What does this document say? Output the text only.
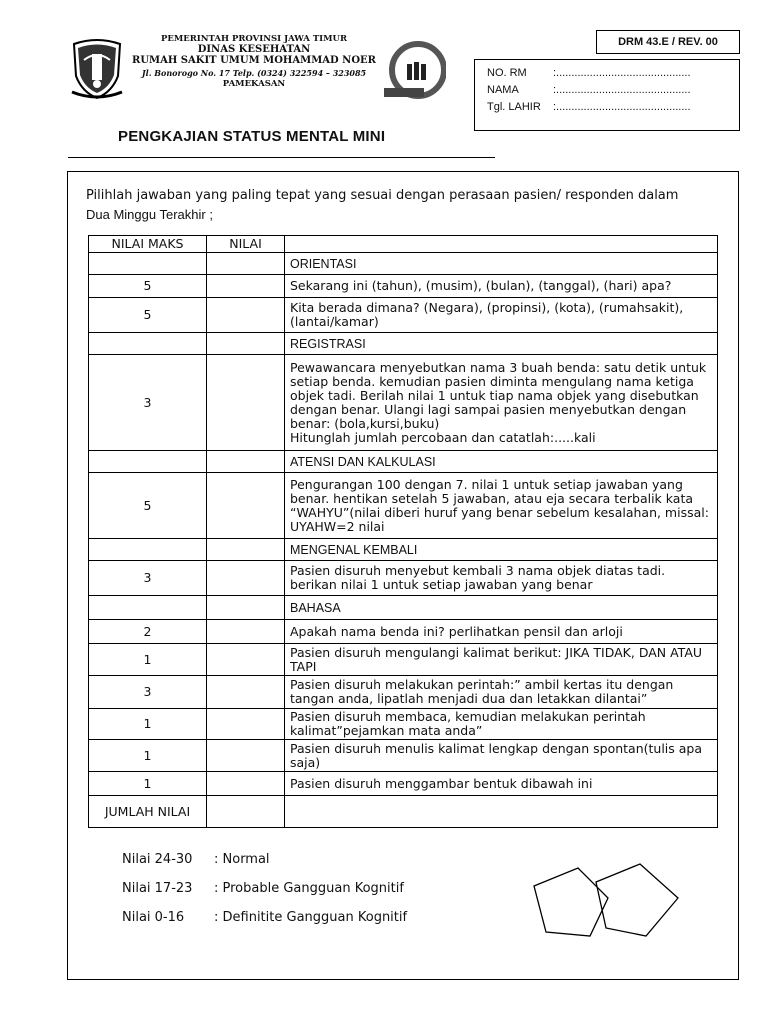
PEMERINTAH PROVINSI JAWA TIMUR
DINAS KESEHATAN
RUMAH SAKIT UMUM MOHAMMAD NOER
Jl. Bonorogo No. 17 Telp. (0324) 322594 – 323085
PAMEKASAN
DRM 43.E / REV. 00
NO. RM	:............................................
NAMA	:............................................
Tgl. LAHIR	:............................................
PENGKAJIAN STATUS MENTAL MINI
Pilihlah jawaban yang paling tepat yang sesuai dengan perasaan pasien/ responden dalam
Dua Minggu Terakhir ;
NILAI MAKS	NILAI	
		ORIENTASI
5		Sekarang ini (tahun), (musim), (bulan), (tanggal), (hari) apa?
5		Kita berada dimana? (Negara), (propinsi), (kota), (rumahsakit), (lantai/kamar)
		REGISTRASI
3		Pewawancara menyebutkan nama 3 buah benda: satu detik untuk setiap benda. kemudian pasien diminta mengulang nama ketiga objek tadi. Berilah nilai 1 untuk tiap nama objek yang disebutkan dengan benar. Ulangi lagi sampai pasien menyebutkan dengan benar: (bola,kursi,buku)
Hitunglah jumlah percobaan dan catatlah:.....kali

		ATENSI DAN KALKULASI
5		Pengurangan 100 dengan 7. nilai 1 untuk setiap jawaban yang benar. hentikan setelah 5 jawaban, atau eja secara terbalik kata “WAHYU”(nilai diberi huruf yang benar sebelum kesalahan, missal: UYAHW=2 nilai
		MENGENAL KEMBALI
3		Pasien disuruh menyebut kembali 3 nama objek diatas tadi. berikan nilai 1 untuk setiap jawaban yang benar
		BAHASA
2		Apakah nama benda ini? perlihatkan pensil dan arloji
1		Pasien disuruh mengulangi kalimat berikut: JIKA TIDAK, DAN ATAU TAPI
3		Pasien disuruh melakukan perintah:” ambil kertas itu dengan tangan anda, lipatlah menjadi dua dan letakkan dilantai”
1		Pasien disuruh membaca, kemudian melakukan perintah kalimat”pejamkan mata anda”
1		Pasien disuruh menulis kalimat lengkap dengan spontan(tulis apa saja)
1		Pasien disuruh menggambar bentuk dibawah ini
JUMLAH NILAI		
Nilai 24-30 : Normal
Nilai 17-23 : Probable Gangguan Kognitif
Nilai 0-16 : Definitite Gangguan Kognitif
